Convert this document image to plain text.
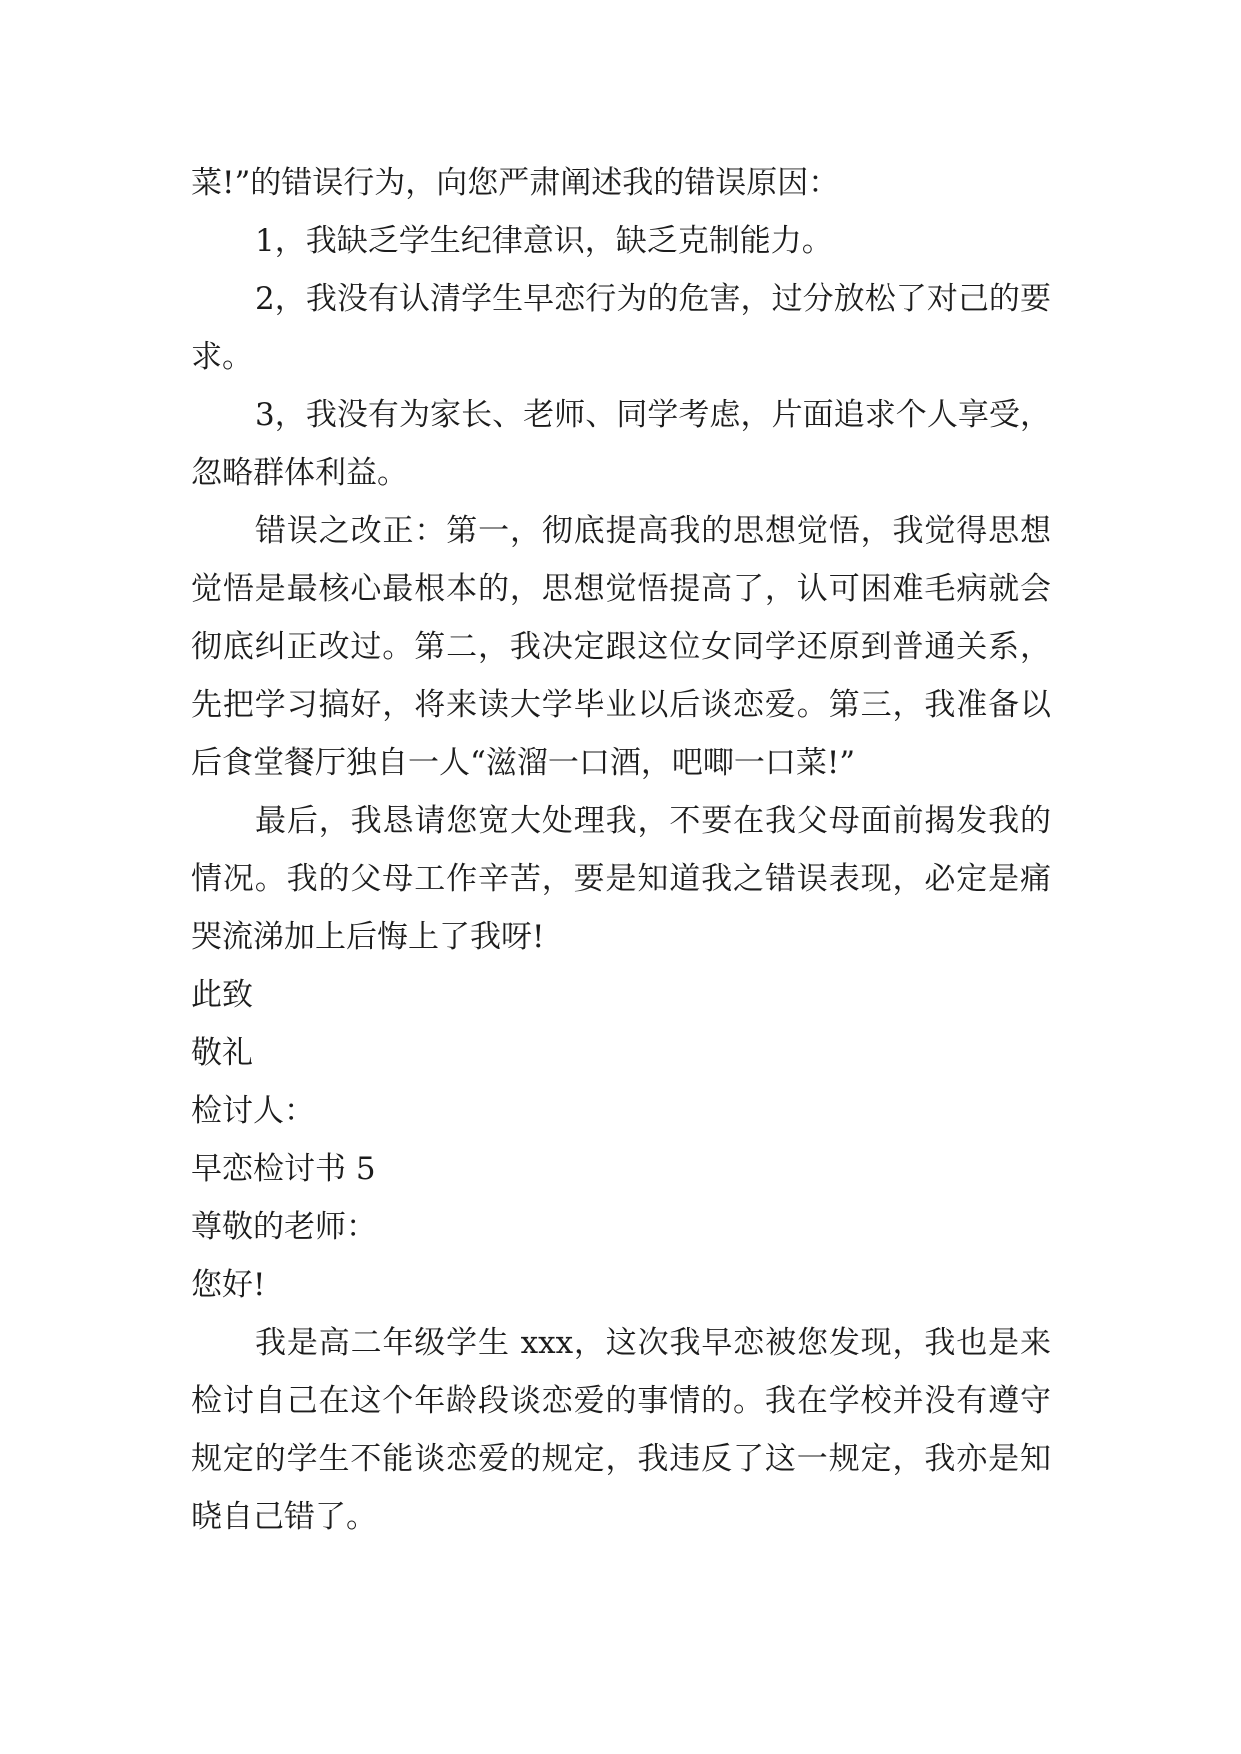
菜!”的错误行为，向您严肃阐述我的错误原因：

1，我缺乏学生纪律意识，缺乏克制能力。

2，我没有认清学生早恋行为的危害，过分放松了对己的要求。

3，我没有为家长、老师、同学考虑，片面追求个人享受，忽略群体利益。

错误之改正：第一，彻底提高我的思想觉悟，我觉得思想觉悟是最核心最根本的，思想觉悟提高了，认可困难毛病就会彻底纠正改过。第二，我决定跟这位女同学还原到普通关系，先把学习搞好，将来读大学毕业以后谈恋爱。第三，我准备以后食堂餐厅独自一人“滋溜一口酒，吧唧一口菜!”

最后，我恳请您宽大处理我，不要在我父母面前揭发我的情况。我的父母工作辛苦，要是知道我之错误表现，必定是痛哭流涕加上后悔上了我呀!

此致

敬礼

检讨人：

早恋检讨书 5

尊敬的老师：

您好!

我是高二年级学生 xxx，这次我早恋被您发现，我也是来检讨自己在这个年龄段谈恋爱的事情的。我在学校并没有遵守规定的学生不能谈恋爱的规定，我违反了这一规定，我亦是知晓自己错了。
